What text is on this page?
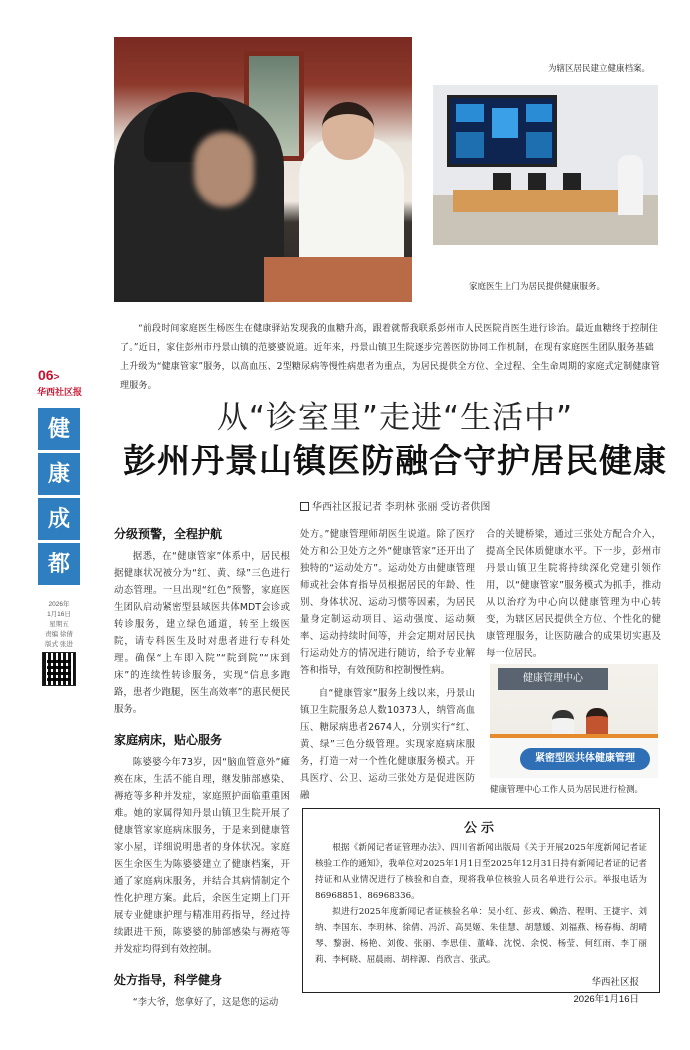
为辖区居民建立健康档案。
家庭医生上门为居民提供健康服务。
“前段时间家庭医生杨医生在健康驿站发现我的血糖升高，跟着就帮我联系彭州市人民医院肖医生进行诊治。最近血糖终于控制住了。”近日，家住彭州市丹景山镇的范婆婆说道。近年来，丹景山镇卫生院逐步完善医防协同工作机制，在现有家庭医生团队服务基础上升级为“健康管家”服务，以高血压、2型糖尿病等慢性病患者为重点，为居民提供全方位、全过程、全生命周期的家庭式定制健康管理服务。
06>
华西社区报
健
康
成
都
2026年
1月16日
星期五
责编 徐倩
版式 张进
从“诊室里”走进“生活中”
彭州丹景山镇医防融合守护居民健康
华西社区报记者 李玥林 张丽 受访者供图
分级预警，全程护航

据悉，在“健康管家”体系中，居民根据健康状况被分为“红、黄、绿”三色进行动态管理。一旦出现“红色”预警，家庭医生团队启动紧密型县域医共体MDT会诊或转诊服务，建立绿色通道，转至上级医院，请专科医生及时对患者进行专科处理。确保“上车即入院”“院到院”“床到床”的连续性转诊服务，实现“信息多跑路，患者少跑腿，医生高效率”的惠民便民服务。

家庭病床，贴心服务

陈婆婆今年73岁，因“脑血管意外”瘫痪在床，生活不能自理，继发肺部感染、褥疮等多种并发症，家庭照护面临重重困难。她的家属得知丹景山镇卫生院开展了健康管家家庭病床服务，于是来到健康管家小屋，详细说明患者的身体状况。家庭医生余医生为陈婆婆建立了健康档案，开通了家庭病床服务，并结合其病情制定个性化护理方案。此后，余医生定期上门开展专业健康护理与精准用药指导，经过持续跟进干预，陈婆婆的肺部感染与褥疮等并发症均得到有效控制。

处方指导，科学健身

“李大爷，您拿好了，这是您的运动

处方。”健康管理师胡医生说道。除了医疗处方和公卫处方之外“健康管家”还开出了独特的“运动处方”。运动处方由健康管理师或社会体育指导员根据居民的年龄、性别、身体状况、运动习惯等因素，为居民量身定制运动项目、运动强度、运动频率、运动持续时间等，并会定期对居民执行运动处方的情况进行随访，给予专业解答和指导，有效预防和控制慢性病。

自“健康管家”服务上线以来，丹景山镇卫生院服务总人数10373人，纳管高血压、糖尿病患者2674人，分别实行“红、黄、绿”三色分级管理。实现家庭病床服务，打造一对一个性化健康服务模式。开具医疗、公卫、运动三张处方是促进医防融

合的关键桥梁，通过三张处方配合介入，提高全民体质健康水平。下一步，彭州市丹景山镇卫生院将持续深化党建引领作用，以“健康管家”服务模式为抓手，推动从以治疗为中心向以健康管理为中心转变，为辖区居民提供全方位、个性化的健康管理服务，让医防融合的成果切实惠及每一位居民。

健康管理中心
紧密型医共体健康管理
健康管理中心工作人员为居民进行检测。
公示

根据《新闻记者证管理办法》、四川省新闻出版局《关于开展2025年度新闻记者证核验工作的通知》，我单位对2025年1月1日至2025年12月31日持有新闻记者证的记者持证和从业情况进行了核验和自查，现将我单位核验人员名单进行公示。举报电话为86968851、86968336。

拟进行2025年度新闻记者证核验名单：吴小红、彭戎、赖浩、程明、王捷宇、刘纳、李国东、李玥林、徐倩、冯沂、高昊姬、朱佳慧、胡慧媛、刘福燕、杨春梅、胡晴琴、黎澍、杨艳、刘俊、张丽、李思佳、董峰、沈悦、余悦、杨莹、何红雨、李丁丽莉、李柯晓、屈晨雨、胡梓源、肖欣言、张武。

华西社区报
2026年1月16日
